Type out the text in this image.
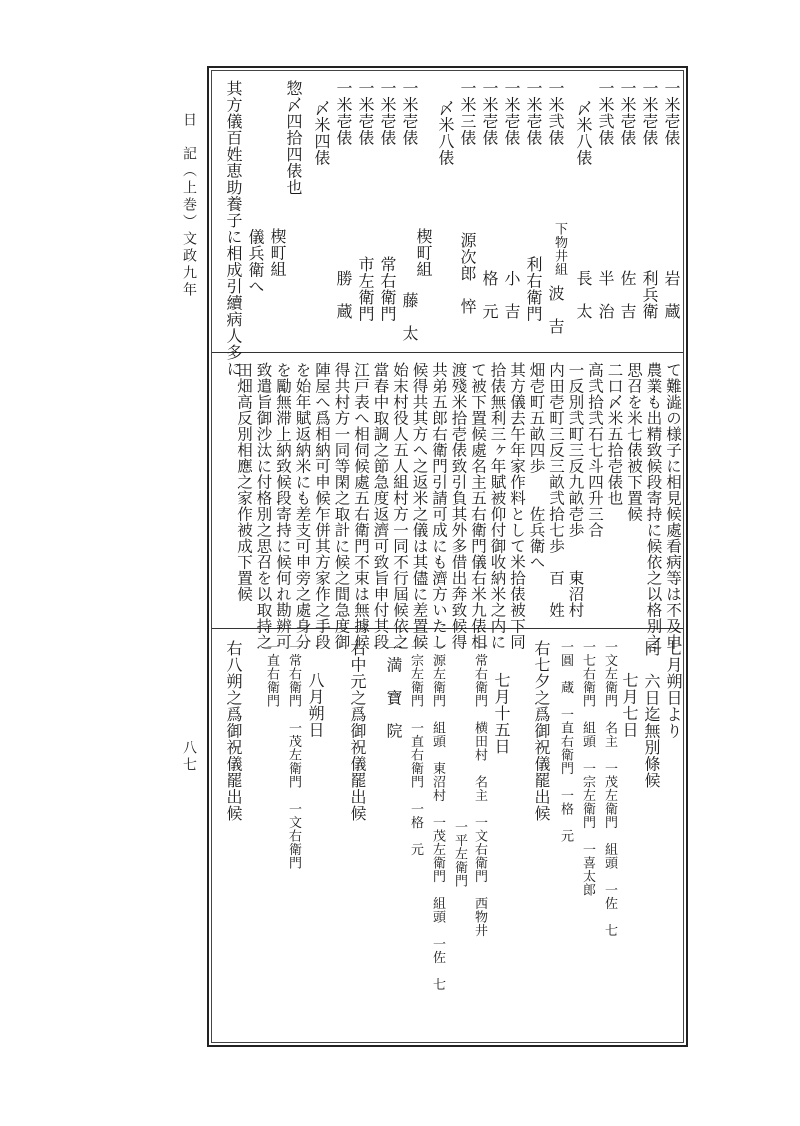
日　記（上巻）文政九年
八七
一米壱俵
岩　蔵
一米壱俵
利兵衛
一米壱俵
佐　吉
一米弐俵
半　治
〆米八俵
長　太
一米弐俵
下物井組
波　吉
一米壱俵
利右衛門
一米壱俵
小　吉
一米壱俵
格　元
一米三俵
源次郎　悴
〆米八俵
一米壱俵
楔町組
藤　太
一米壱俵
常右衛門
一米壱俵
市左衛門
一米壱俵
勝　蔵
〆米四俵
惣〆四拾四俵也
楔町組
　　　　　　　　　儀兵衛へ
其方儀百姓恵助養子に相成引續病人多に
て難澁の様子に相見候處看病等は不及申
農業も出精致候段寄持に候依之以格別之
思召を米七俵被下置候
二口〆米五拾壱俵也
高弐拾弐石七斗四升三合
一反別弐町三反九畝壱歩　　東沼村
内田壱町三反三畝弐拾七歩　百　姓
畑壱町五畝四歩　　佐兵衛へ
其方儀去午年家作料として米拾俵被下同
拾俵無利三ヶ年賦被仰付御收納米之内に
て被下置候處名主五右衛門儀右米九俵相
渡殘米拾壱俵致引負其外多借出奔致候得
共弟五郎右衛門引請可成にも濟方いたし
候得共其方へ之返米之儀は其儘に差置候
始末村役人五人組村方一同不行屆候依之
當春中取調之節急度返濟可致旨申付其段
江戸表へ相伺候處五右衛門不束は無據候
得共村方一同等閑之取計に候之間急度御
陣屋へ爲相納可申候乍併其方家作之手段
を始年賦返納米にも差支可申旁之處身分
を勵無滞上納致候段寄持に候何れ勘辨可
致遣旨御沙汰に付格別之思召を以取持之
田畑高反別相應之家作被成下置候
七月朔日より
同　六日迄無別條候
七月七日
一文左衛門　名主　一茂左衛門　組頭　一佐　七
一七右衛門　組頭　一宗左衛門　一喜太郎
一圓　蔵　一直右衛門　一格　元
右七夕之爲御祝儀罷出候
七月十五日
一常右衛門　横田村　名主　一文右衛門　西物井
一平左衛門
一源左衛門　組頭　東沼村　一茂左衛門　組頭　一佐　七
一宗左衛門　一直右衛門　一格　元
一満　寶　院
右中元之爲御祝儀罷出候
八月朔日
一常右衛門　一茂左衛門　一文右衛門
一直右衛門
右八朔之爲御祝儀罷出候
